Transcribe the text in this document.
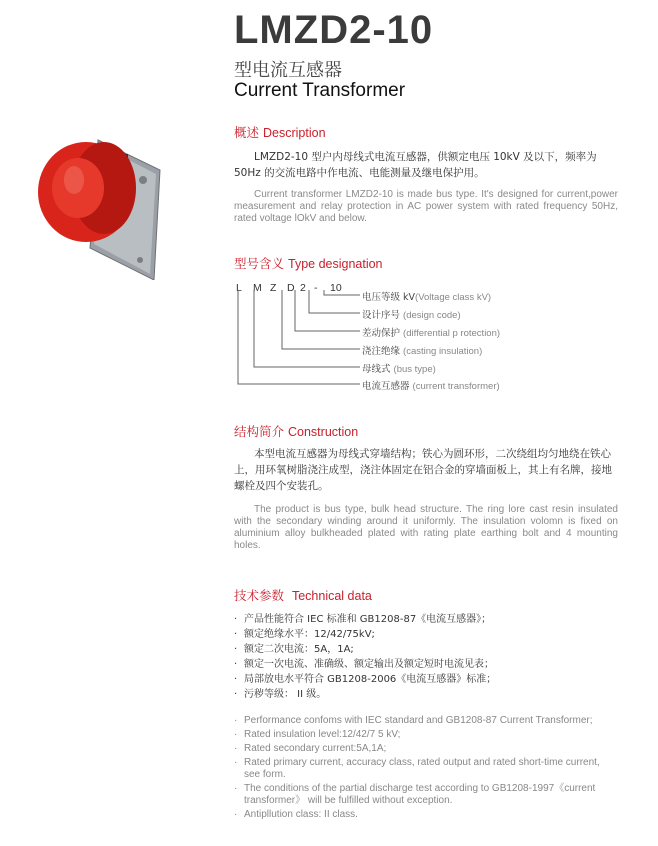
LMZD2-10
型电流互感器
Current Transformer
概述 Description
LMZD2-10 型户内母线式电流互感器，供额定电压 10kV 及以下，频率为 50Hz 的交流电路中作电流、电能测量及继电保护用。
Current transformer LMZD2-10 is made bus type. It's designed for current,power measurement and relay protection in AC power system with rated frequency 50Hz, rated voltage lOkV and below.
型号含义 Type designation
L M Z D 2 - 10
电压等级 kV(Voltage class kV)
设计序号 (design code)
差动保护 (differential p rotection)
浇注绝缘 (casting insulation)
母线式 (bus type)
电流互感器 (current transformer)
结构简介 Construction
本型电流互感器为母线式穿墙结构；铁心为圆环形，二次绕组均匀地绕在铁心上，用环氧树脂浇注成型，浇注体固定在铝合金的穿墙面板上，其上有名牌，接地螺栓及四个安装孔。
The product is bus type, bulk head structure. The ring lore cast resin insulated with the secondary winding around it uniformly. The insulation volomn is fixed on aluminium alloy bulkheaded plated with rating plate earthing bolt and 4 mounting holes.
技术参数 Technical data
· 产品性能符合 IEC 标准和 GB1208-87《电流互感器》；
· 额定绝缘水平：12/42/75kV;
· 额定二次电流：5A，1A;
· 额定一次电流、准确级、额定输出及额定短时电流见表；
· 局部放电水平符合 GB1208-2006《电流互感器》标准；
· 污秽等级： II 级。
· Performance confoms with IEC standard and GB1208-87 Current Transformer;
· Rated insulation level:12/42/7 5 kV;
· Rated secondary current:5A,1A;
· Rated primary current, accuracy class, rated output and rated short-time current, see form.
· The conditions of the partial discharge test according to GB1208-1997《current transformer》 will be fulfilled without exception.
· Antipllution class: II class.
